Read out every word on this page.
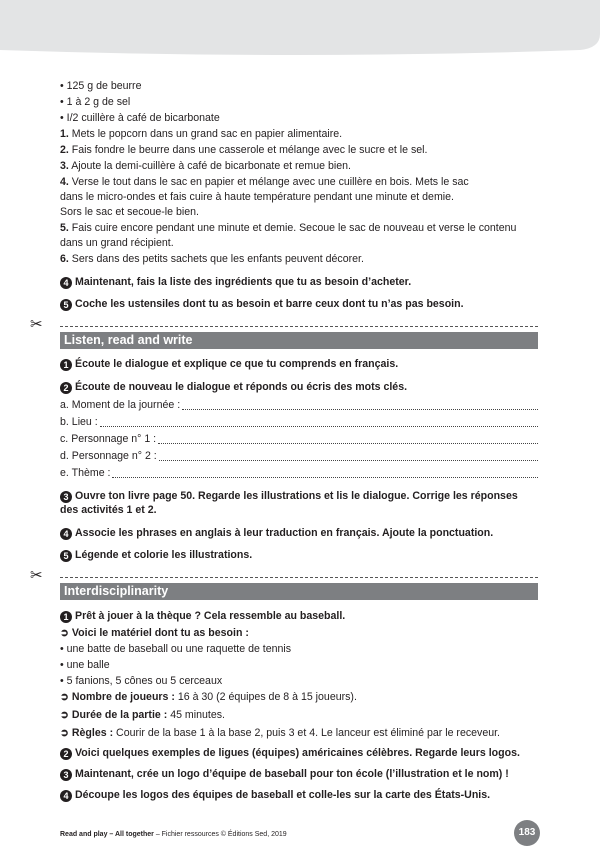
• 125 g de beurre
• 1 à 2 g de sel
• I/2 cuillère à café de bicarbonate
1. Mets le popcorn dans un grand sac en papier alimentaire.
2. Fais fondre le beurre dans une casserole et mélange avec le sucre et le sel.
3. Ajoute la demi-cuillère à café de bicarbonate et remue bien.
4. Verse le tout dans le sac en papier et mélange avec une cuillère en bois. Mets le sac
dans le micro-ondes et fais cuire à haute température pendant une minute et demie.
Sors le sac et secoue-le bien.
5. Fais cuire encore pendant une minute et demie. Secoue le sac de nouveau et verse le contenu
dans un grand récipient.
6. Sers dans des petits sachets que les enfants peuvent décorer.
4 Maintenant, fais la liste des ingrédients que tu as besoin d’acheter.
5 Coche les ustensiles dont tu as besoin et barre ceux dont tu n’as pas besoin.
✂
Listen, read and write
1 Écoute le dialogue et explique ce que tu comprends en français.
2 Écoute de nouveau le dialogue et réponds ou écris des mots clés.
a. Moment de la journée :
b. Lieu :
c. Personnage n° 1 :
d. Personnage n° 2 :
e. Thème :
3 Ouvre ton livre page 50. Regarde les illustrations et lis le dialogue. Corrige les réponses
des activités 1 et 2.
4 Associe les phrases en anglais à leur traduction en français. Ajoute la ponctuation.
5 Légende et colorie les illustrations.
✂
Interdisciplinarity
1 Prêt à jouer à la thèque ? Cela ressemble au baseball.
➲ Voici le matériel dont tu as besoin :
• une batte de baseball ou une raquette de tennis
• une balle
• 5 fanions, 5 cônes ou 5 cerceaux
➲ Nombre de joueurs : 16 à 30 (2 équipes de 8 à 15 joueurs).
➲ Durée de la partie : 45 minutes.
➲ Règles : Courir de la base 1 à la base 2, puis 3 et 4. Le lanceur est éliminé par le receveur.
2 Voici quelques exemples de ligues (équipes) américaines célèbres. Regarde leurs logos.
3 Maintenant, crée un logo d’équipe de baseball pour ton école (l’illustration et le nom) !
4 Découpe les logos des équipes de baseball et colle-les sur la carte des États-Unis.
Read and play – All together – Fichier ressources © Éditions Sed, 2019	183
